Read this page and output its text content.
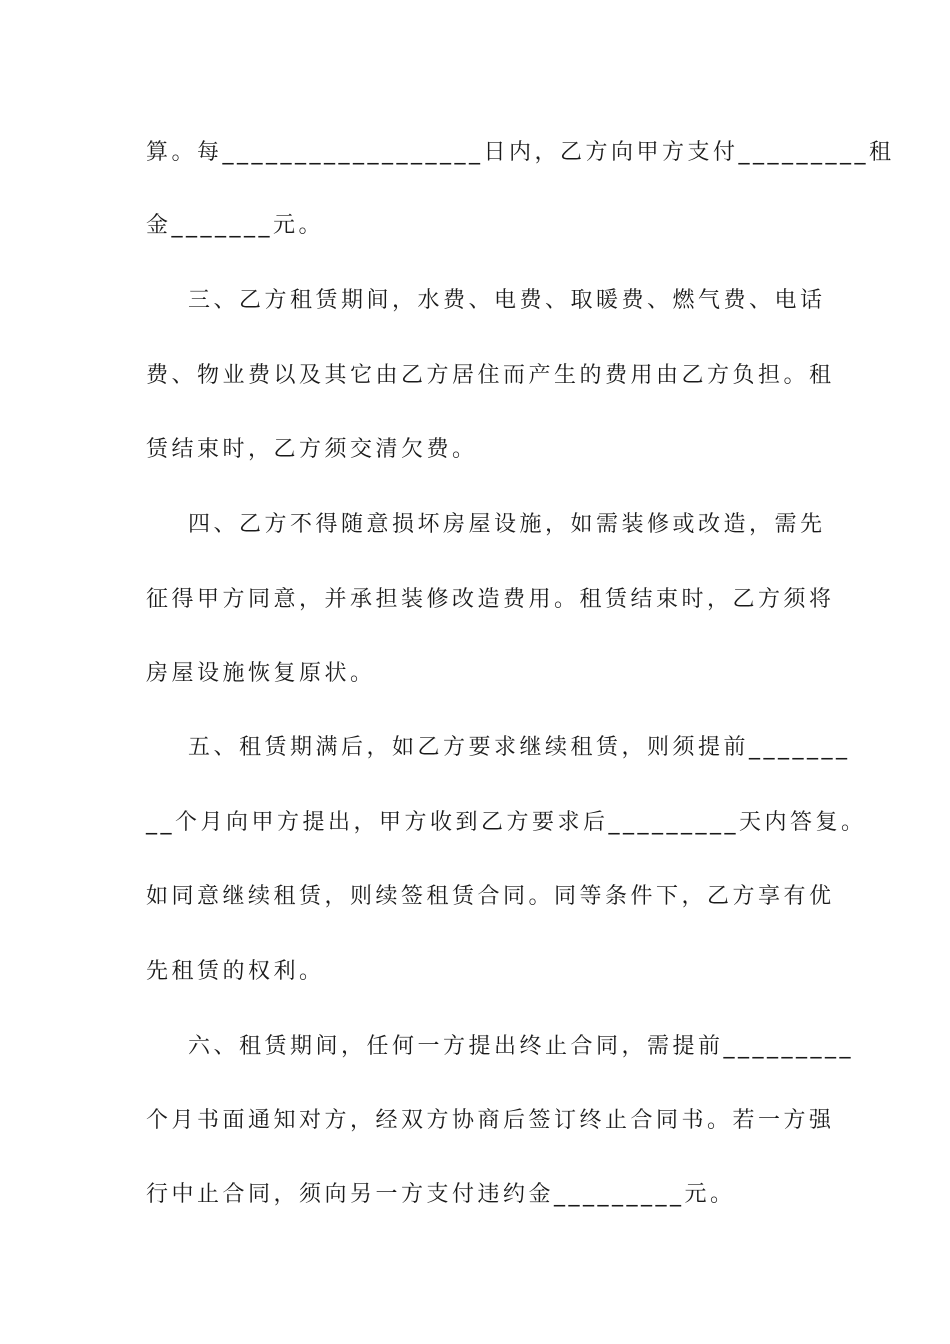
算。每__________________日内，乙方向甲方支付_________租
金_______元。
三、乙方租赁期间，水费、电费、取暖费、燃气费、电话
费、物业费以及其它由乙方居住而产生的费用由乙方负担。租
赁结束时，乙方须交清欠费。
四、乙方不得随意损坏房屋设施，如需装修或改造，需先
征得甲方同意，并承担装修改造费用。租赁结束时，乙方须将
房屋设施恢复原状。
五、租赁期满后，如乙方要求继续租赁，则须提前_______
__个月向甲方提出，甲方收到乙方要求后_________天内答复。
如同意继续租赁，则续签租赁合同。同等条件下，乙方享有优
先租赁的权利。
六、租赁期间，任何一方提出终止合同，需提前_________
个月书面通知对方，经双方协商后签订终止合同书。若一方强
行中止合同，须向另一方支付违约金_________元。
